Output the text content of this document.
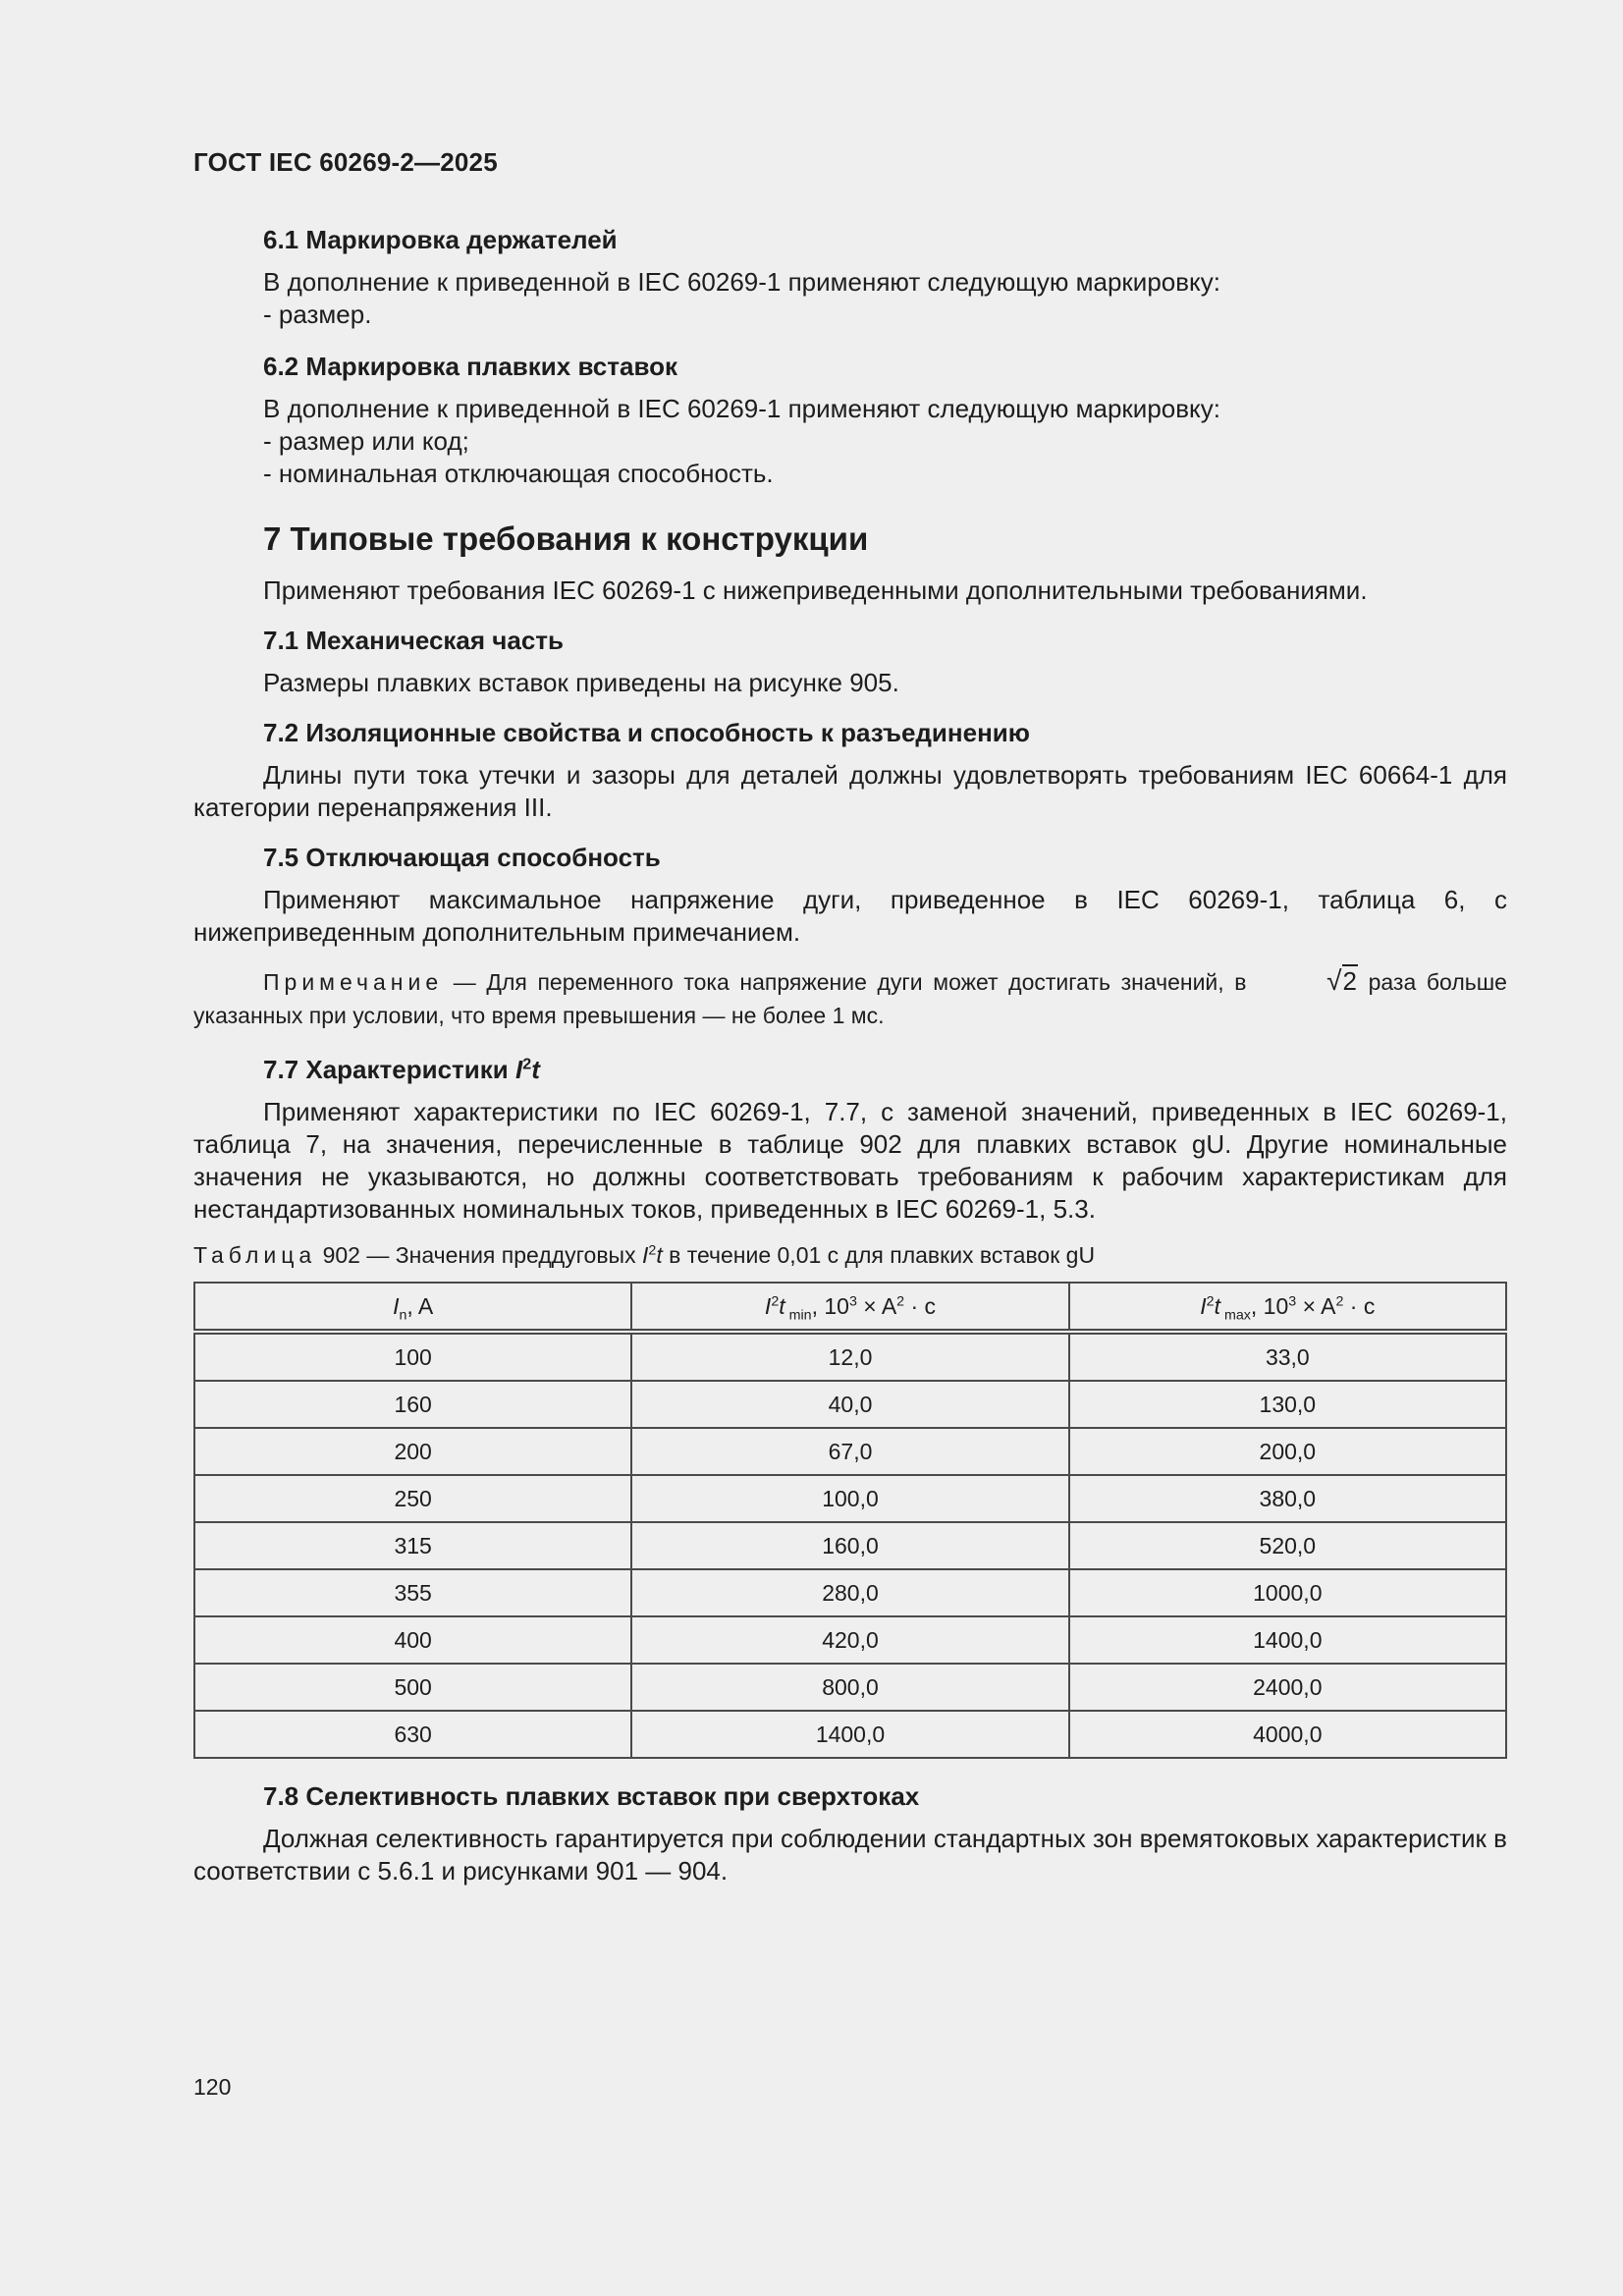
ГОСТ IEC 60269-2—2025
6.1 Маркировка держателей

В дополнение к приведенной в IEC 60269-1 применяют следующую маркировку:
- размер.

6.2 Маркировка плавких вставок

В дополнение к приведенной в IEC 60269-1 применяют следующую маркировку:
- размер или код;
- номинальная отключающая способность.

7 Типовые требования к конструкции

Применяют требования IEC 60269-1 с нижеприведенными дополнительными требованиями.

7.1 Механическая часть

Размеры плавких вставок приведены на рисунке 905.

7.2 Изоляционные свойства и способность к разъединению

Длины пути тока утечки и зазоры для деталей должны удовлетворять требованиям IEC 60664-1 для категории перенапряжения III.

7.5 Отключающая способность

Применяют максимальное напряжение дуги, приведенное в IEC 60269-1, таблица 6, с нижеприведенным дополнительным примечанием.

Примечание — Для переменного тока напряжение дуги может достигать значений, в	√2 раза больше указанных при условии, что время превышения — не более 1 мс.

7.7 Характеристики $I^2t$

Применяют характеристики по IEC 60269-1, 7.7, с заменой значений, приведенных в IEC 60269-1, таблица 7, на значения, перечисленные в таблице 902 для плавких вставок gU. Другие номинальные значения не указываются, но должны соответствовать требованиям к рабочим характеристикам для нестандартизованных номинальных токов, приведенных в IEC 60269-1, 5.3.

Таблица 902 — Значения преддуговых $I^2t$ в течение 0,01 с для плавких вставок gU
$I_n$, A	$I^2t$ $_{min}$, $10^3 \times A^2 \cdot c$	$I^2t$ $_{max}$, $10^3 \times A^2 \cdot c$
100	12,0	33,0
160	40,0	130,0
200	67,0	200,0
250	100,0	380,0
315	160,0	520,0
355	280,0	1000,0
400	420,0	1400,0
500	800,0	2400,0
630	1400,0	4000,0
7.8 Селективность плавких вставок при сверхтоках

Должная селективность гарантируется при соблюдении стандартных зон времятоковых характеристик в соответствии с 5.6.1 и рисунками 901 — 904.

120
